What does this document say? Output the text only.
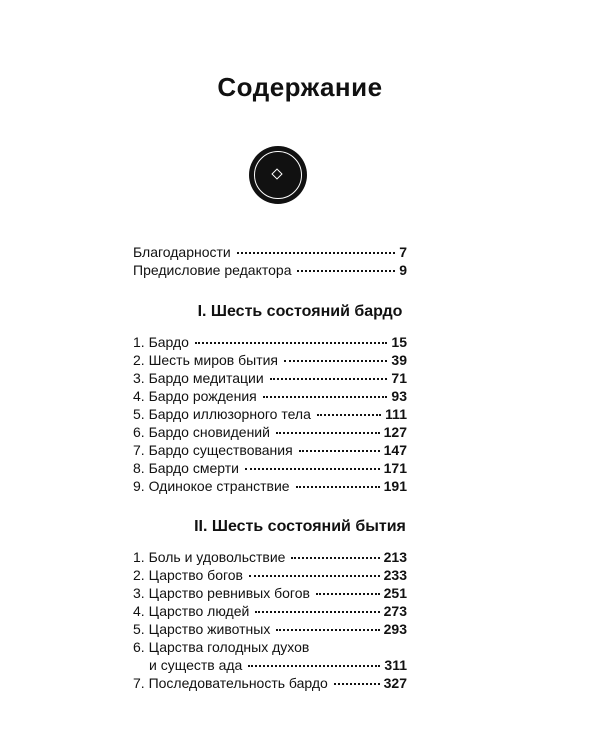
Содержание
Благодарности	7
Предисловие редактора	9
I. Шесть состояний бардо
1. Бардо	15
2. Шесть миров бытия	39
3. Бардо медитации	71
4. Бардо рождения	93
5. Бардо иллюзорного тела	111
6. Бардо сновидений	127
7. Бардо существования	147
8. Бардо смерти	171
9. Одинокое странствие	191
II. Шесть состояний бытия
1. Боль и удовольствие	213
2. Царство богов	233
3. Царство ревнивых богов	251
4. Царство людей	273
5. Царство животных	293
6. Царства голодных духов
и существ ада	311
7. Последовательность бардо	327
